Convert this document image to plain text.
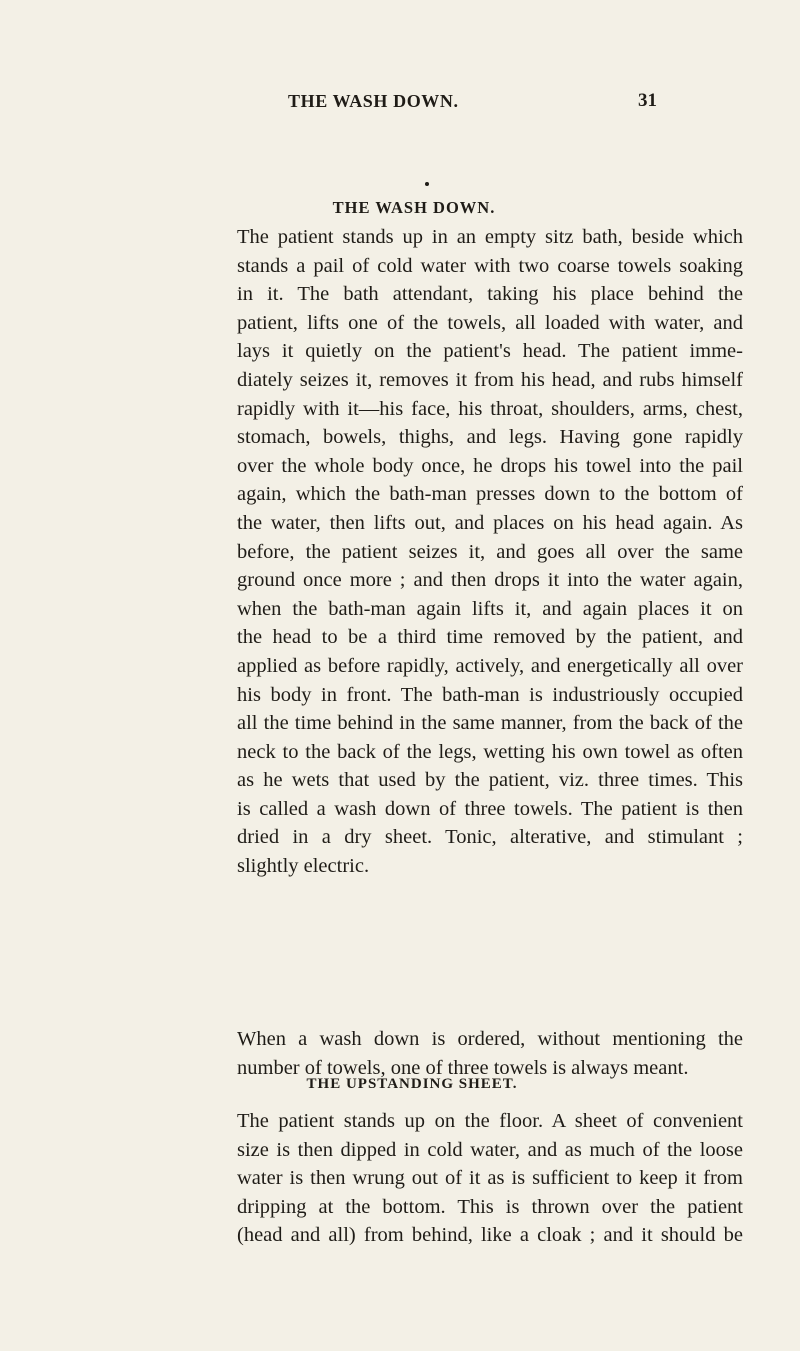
THE WASH DOWN.	31
THE WASH DOWN.

The patient stands up in an empty sitz bath, beside which
stands a pail of cold water with two coarse towels soaking
in it. The bath attendant, taking his place behind the
patient, lifts one of the towels, all loaded with water, and
lays it quietly on the patient's head. The patient imme-
diately seizes it, removes it from his head, and rubs himself
rapidly with it—his face, his throat, shoulders, arms, chest,
stomach, bowels, thighs, and legs. Having gone rapidly
over the whole body once, he drops his towel into the pail
again, which the bath-man presses down to the bottom of
the water, then lifts out, and places on his head again. As
before, the patient seizes it, and goes all over the same
ground once more ; and then drops it into the water again,
when the bath-man again lifts it, and again places it on
the head to be a third time removed by the patient, and
applied as before rapidly, actively, and energetically all over
his body in front. The bath-man is industriously occupied
all the time behind in the same manner, from the back of the
neck to the back of the legs, wetting his own towel as often
as he wets that used by the patient, viz. three times. This
is called a wash down of three towels. The patient is then
dried in a dry sheet. Tonic, alterative, and stimulant ;
slightly electric.

When a wash down is ordered, without mentioning the
number of towels, one of three towels is always meant.

THE UPSTANDING SHEET.

The patient stands up on the floor. A sheet of convenient
size is then dipped in cold water, and as much of the loose
water is then wrung out of it as is sufficient to keep it from
dripping at the bottom. This is thrown over the patient
(head and all) from behind, like a cloak ; and it should be
